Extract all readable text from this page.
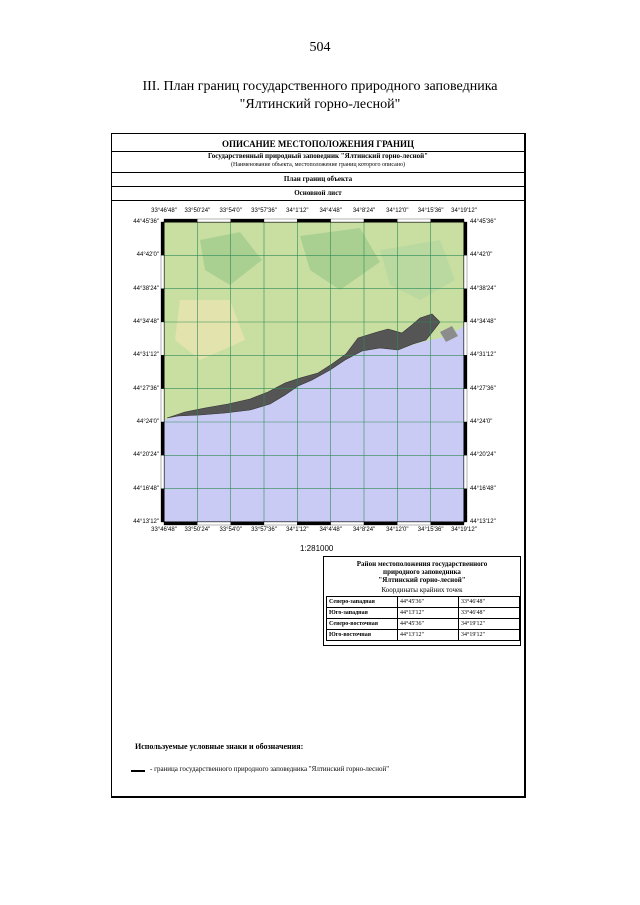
504
III. План границ государственного природного заповедника
"Ялтинский горно-лесной"
ОПИСАНИЕ МЕСТОПОЛОЖЕНИЯ ГРАНИЦ
Государственный природный заповедник "Ялтинский горно-лесной"
(Наименование объекта, местоположение границ которого описано)
План границ объекта
Основной лист
33°46'48"
33°46'48"
33°50'24"
33°50'24"
33°54'0"
33°54'0"
33°57'36"
33°57'36"
34°1'12"
34°1'12"
34°4'48"
34°4'48"
34°8'24"
34°8'24"
34°12'0"
34°12'0"
34°15'36"
34°15'36"
34°19'12"
34°19'12"
44°45'36"	44°45'36"
44°42'0"	44°42'0"
44°38'24"	44°38'24"
44°34'48"	44°34'48"
44°31'12"	44°31'12"
44°27'36"	44°27'36"
44°24'0"	44°24'0"
44°20'24"	44°20'24"
44°16'48"	44°16'48"
44°13'12"	44°13'12"
1:281000
Район местоположения государственного
природного заповедника
"Ялтинский горно-лесной"
Координаты крайних точек
Северо-западная	44°45'36"	33°46'48"
Юго-западная	44°13'12"	33°46'48"
Северо-восточная	44°45'36"	34°19'12"
Юго-восточная	44°13'12"	34°19'12"
Используемые условные знаки и обозначения:
- граница государственного природного заповедника "Ялтинский горно-лесной"
